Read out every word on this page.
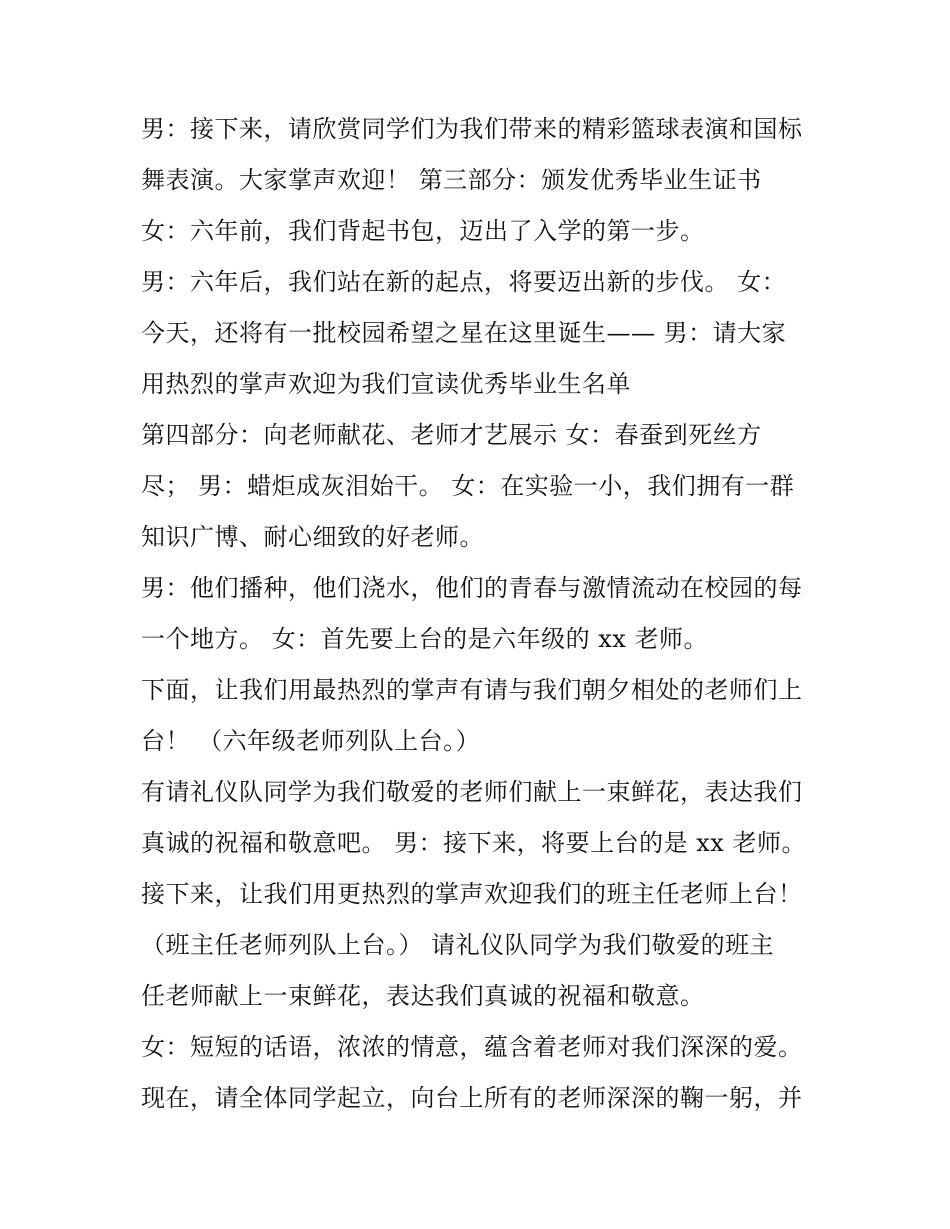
男：接下来，请欣赏同学们为我们带来的精彩篮球表演和国标
舞表演。大家掌声欢迎！ 第三部分：颁发优秀毕业生证书
女：六年前，我们背起书包，迈出了入学的第一步。
男：六年后，我们站在新的起点，将要迈出新的步伐。 女：
今天，还将有一批校园希望之星在这里诞生—— 男：请大家
用热烈的掌声欢迎为我们宣读优秀毕业生名单
第四部分：向老师献花、老师才艺展示 女：春蚕到死丝方
尽； 男：蜡炬成灰泪始干。 女：在实验一小，我们拥有一群
知识广博、耐心细致的好老师。
男：他们播种，他们浇水，他们的青春与激情流动在校园的每
一个地方。 女：首先要上台的是六年级的 xx 老师。
下面，让我们用最热烈的掌声有请与我们朝夕相处的老师们上
台！ （六年级老师列队上台。）
有请礼仪队同学为我们敬爱的老师们献上一束鲜花，表达我们
真诚的祝福和敬意吧。 男：接下来，将要上台的是 xx 老师。
接下来，让我们用更热烈的掌声欢迎我们的班主任老师上台！
（班主任老师列队上台。） 请礼仪队同学为我们敬爱的班主
任老师献上一束鲜花，表达我们真诚的祝福和敬意。
女：短短的话语，浓浓的情意，蕴含着老师对我们深深的爱。
现在，请全体同学起立，向台上所有的老师深深的鞠一躬，并
